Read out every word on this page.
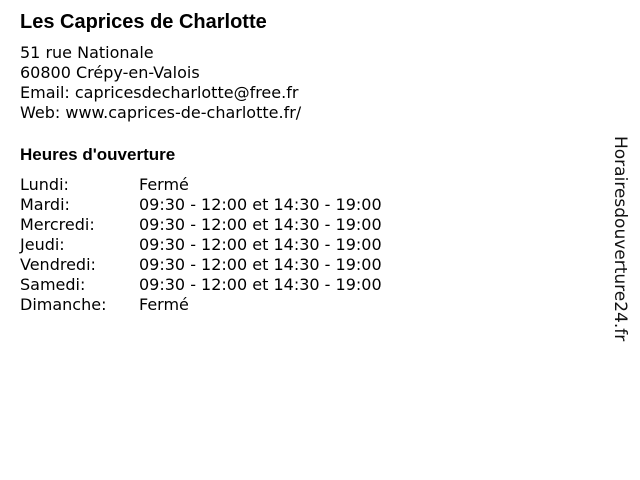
Les Caprices de Charlotte
51 rue Nationale
60800 Crépy-en-Valois
Email: capricesdecharlotte@free.fr
Web: www.caprices-de-charlotte.fr/
Heures d'ouverture
Lundi:	Fermé
Mardi:	09:30 - 12:00 et 14:30 - 19:00
Mercredi:	09:30 - 12:00 et 14:30 - 19:00
Jeudi:	09:30 - 12:00 et 14:30 - 19:00
Vendredi:	09:30 - 12:00 et 14:30 - 19:00
Samedi:	09:30 - 12:00 et 14:30 - 19:00
Dimanche:	Fermé	Horairesdouverture24.fr
